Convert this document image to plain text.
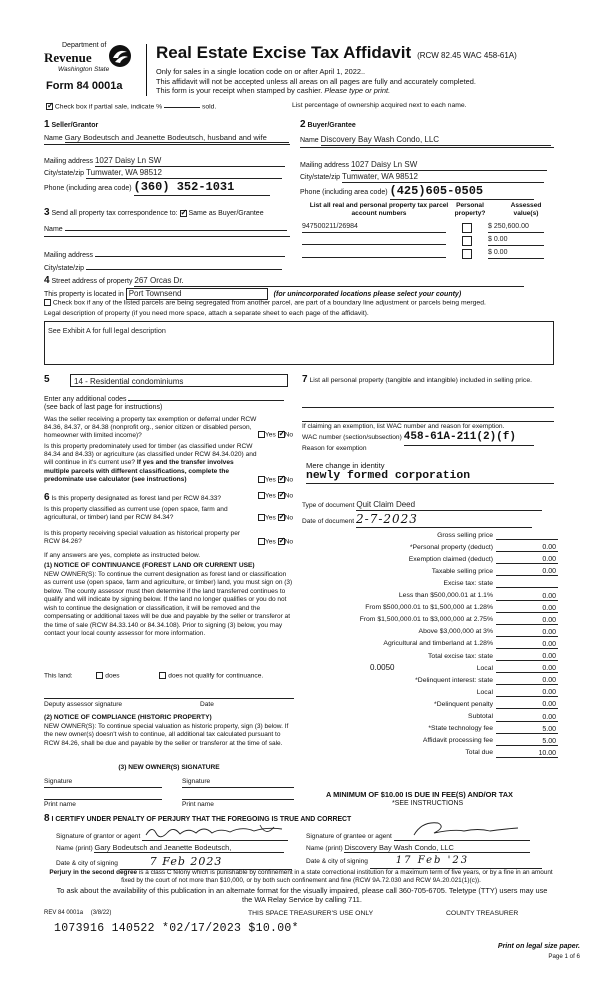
Department of
Revenue
Washington State
Form 84 0001a
Real Estate Excise Tax Affidavit (RCW 82.45 WAC 458-61A)
Only for sales in a single location code on or after April 1, 2022..
This affidavit will not be accepted unless all areas on all pages are fully and accurately completed.
This form is your receipt when stamped by cashier. Please type or print.
✓ Check box if partial sale, indicate %	sold.	List percentage of ownership acquired next to each name.
1 Seller/Grantor
Name Gary Bodeutsch and Jeanette Bodeutsch, husband and wife
Mailing address 1027 Daisy Ln SW
City/state/zip Tumwater, WA 98512
Phone (including area code) (360) 352-1031
2 Buyer/Grantee
Name Discovery Bay Wash Condo, LLC
Mailing address 1027 Daisy Ln SW
City/state/zip Tumwater, WA 98512
Phone (including area code) (425)605-0505
3 Send all property tax correspondence to: ✓ Same as Buyer/Grantee
Name
Mailing address
City/state/zip
List all real and personal property tax parcel account numbers
Personal property?
Assessed value(s)
947500211/26984	$ 250,600.00
$ 0.00
$ 0.00
4 Street address of property 267 Orcas Dr.
This property is located in Port Townsend	(for unincorporated locations please select your county)
Check box if any of the listed parcels are being segregated from another parcel, are part of a boundary line adjustment or parcels being merged.
Legal description of property (if you need more space, attach a separate sheet to each page of the affidavit).
See Exhibit A for full legal description
5	14 - Residential condominiums
Enter any additional codes
(see back of last page for instructions)
Was the seller receiving a property tax exemption or deferral under RCW 84.36, 84.37, or 84.38 (nonprofit org., senior citizen or disabled person, homeowner with limited income)?	Yes ✓ No
Is this property predominately used for timber (as classified under RCW 84.34 and 84.33) or agriculture (as classified under RCW 84.34.020) and will continue in it's current use? If yes and the transfer involves multiple parcels with different classifications, complete the predominate use calculator (see instructions)	Yes ✓ No
6 Is this property designated as forest land per RCW 84.33?	Yes ✓ No
Is this property classified as current use (open space, farm and agricultural, or timber) land per RCW 84.34?	Yes ✓ No
Is this property receiving special valuation as historical property per RCW 84.26?	Yes ✓ No
If any answers are yes, complete as instructed below.
(1) NOTICE OF CONTINUANCE (FOREST LAND OR CURRENT USE)
NEW OWNER(S): To continue the current designation as forest land or classification as current use (open space, farm and agriculture, or timber) land, you must sign on (3) below. The county assessor must then determine if the land transferred continues to qualify and will indicate by signing below. If the land no longer qualifies or you do not wish to continue the designation or classification, it will be removed and the compensating or additional taxes will be due and payable by the seller or transferor at the time of sale (RCW 84.33.140 or 84.34.108). Prior to signing (3) below, you may contact your local county assessor for more information.
This land:	does	does not qualify for continuance.
Deputy assessor signature	Date
(2) NOTICE OF COMPLIANCE (HISTORIC PROPERTY)
NEW OWNER(S): To continue special valuation as historic property, sign (3) below. If the new owner(s) doesn't wish to continue, all additional tax calculated pursuant to RCW 84.26, shall be due and payable by the seller or transferor at the time of sale.
(3) NEW OWNER(S) SIGNATURE
Signature	Signature
Print name	Print name
7 List all personal property (tangible and intangible) included in selling price.
If claiming an exemption, list WAC number and reason for exemption.
WAC number (section/subsection) 458-61A-211(2)(f)
Reason for exemption
Mere change in identity
newly formed corporation
Type of document Quit Claim Deed
Date of document 2-7-2023
Gross selling price
*Personal property (deduct)	0.00
Exemption claimed (deduct)	0.00
Taxable selling price	0.00
Excise tax: state
Less than $500,000.01 at 1.1%	0.00
From $500,000.01 to $1,500,000 at 1.28%	0.00
From $1,500,000.01 to $3,000,000 at 2.75%	0.00
Above $3,000,000 at 3%	0.00
Agricultural and timberland at 1.28%	0.00
Total excise tax: state	0.00
Local
0.0050	0.00
*Delinquent interest: state	0.00
Local	0.00
*Delinquent penalty	0.00
Subtotal	0.00
*State technology fee	5.00
Affidavit processing fee	5.00
Total due	10.00
A MINIMUM OF $10.00 IS DUE IN FEE(S) AND/OR TAX
*SEE INSTRUCTIONS
8 I CERTIFY UNDER PENALTY OF PERJURY THAT THE FOREGOING IS TRUE AND CORRECT
Signature of grantor or agent	Signature of grantee or agent
Name (print) Gary Bodeutsch and Jeanette Bodeutsch,	Name (print) Discovery Bay Wash Condo, LLC
Date & city of signing	7 Feb 2023	Date & city of signing	17 Feb '23
Perjury in the second degree is a class C felony which is punishable by confinement in a state correctional institution for a maximum term of five years, or by a fine in an amount fixed by the court of not more than $10,000, or by both such confinement and fine (RCW 9A.72.030 and RCW 9A.20.021(1)(c)).
To ask about the availability of this publication in an alternate format for the visually impaired, please call 360-705-6705. Teletype (TTY) users may use the WA Relay Service by calling 711.
REV 84 0001a (3/8/22)	THIS SPACE TREASURER'S USE ONLY	COUNTY TREASURER
1073916 140522 *02/17/2023 $10.00*
Print on legal size paper.
Page 1 of 6
